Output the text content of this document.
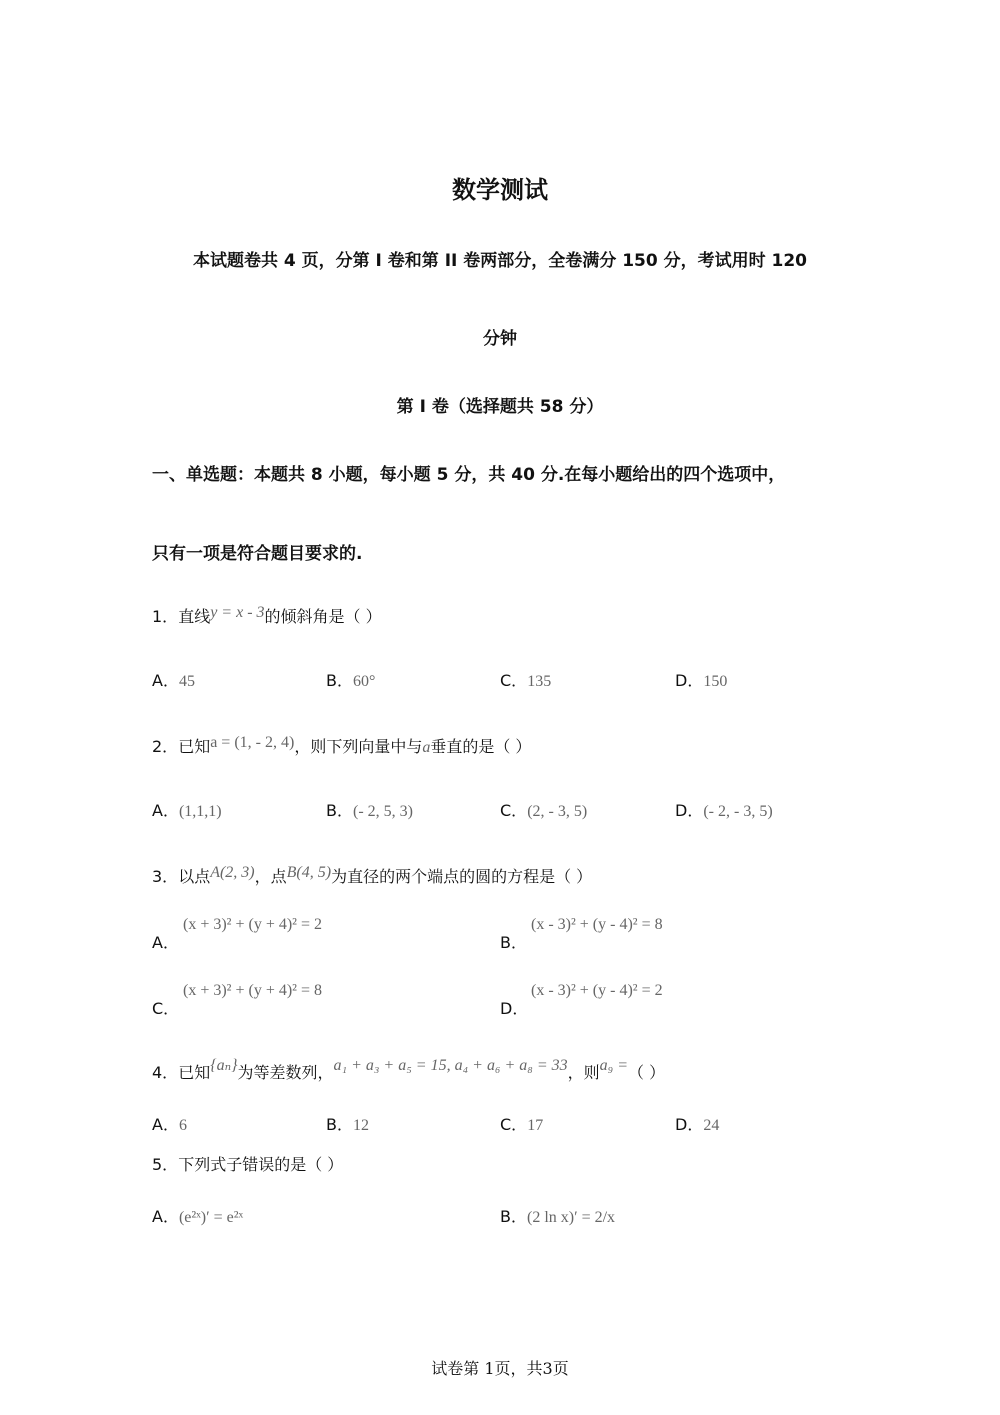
数学测试
本试题卷共 4 页，分第 I 卷和第 II 卷两部分，全卷满分 150 分，考试用时 120
分钟
第 I 卷（选择题共 58 分）
一、单选题：本题共 8 小题，每小题 5 分，共 40 分.在每小题给出的四个选项中，
只有一项是符合题目要求的.
1．直线y = x - 3的倾斜角是（ ）
A．45	B．60°	C．135	D．150
2．已知a = (1, - 2, 4)，则下列向量中与a垂直的是（ ）
A．(1,1,1)	B．(- 2, 5, 3)	C．(2, - 3, 5)	D．(- 2, - 3, 5)
3．以点A(2, 3)，点B(4, 5)为直径的两个端点的圆的方程是（ ）
A．
(x + 3)² + (y + 4)² = 2
B．
(x - 3)² + (y - 4)² = 8
C．
(x + 3)² + (y + 4)² = 8
D．
(x - 3)² + (y - 4)² = 2
4．已知{aₙ}为等差数列，a₁ + a₃ + a₅ = 15, a₄ + a₆ + a₈ = 33，则a₉ =（ ）
A．6	B．12	C．17	D．24
5．下列式子错误的是（ ）
A．(e²ˣ)′ = e²ˣ	B．(2 ln x)′ = 2/x
试卷第 1页，共3页
